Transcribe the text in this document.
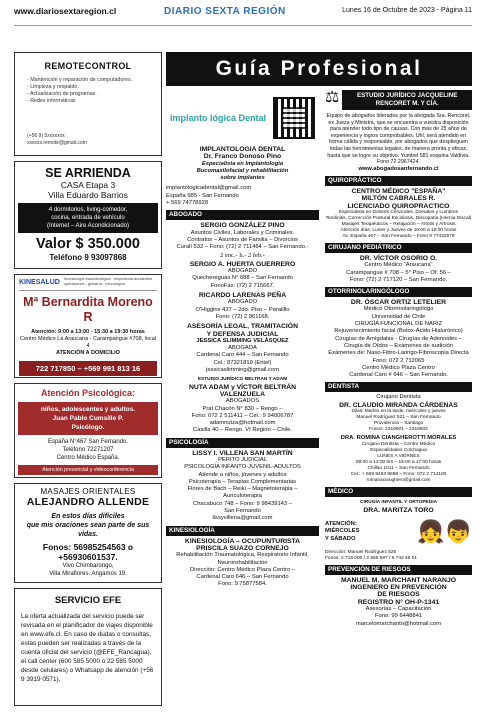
www.diariosextaregion.cl	DIARIO SEXTA REGIÓN	Lunes 16 de Octubre de 2023 - Página 11
REMOTECONTROL
- Mantención y reparación de computadores.
- Limpieza y respaldo.
- Actualización de programas.
- Redes informáticas
(+56 9) 5xxxxxxx
xxxxxx.remote@gmail.com
SE ARRIENDA
CASA Etapa 3
Villa Eduardo Barrios
4 dormitorios, living-comedor,
cocina, entrada de vehículo
(Internet – Aire Acondicionado)
Valor $ 350.000
Teléfono 9 93097868
KINESALUD Kinesiología traumatológica - respiratoria accidentes operaciones - geriatría - neurológica
Mª Bernardita Moreno R
Atención: 9:00 a 13:00 - 15:30 a 19:30 horas
Centro Médico La Araucana - Carampangue #708, local 4
ATENCIÓN A DOMICILIO
722 717850 – +569 991 813 16
Atención Psicológica:
niños, adolescentes y adultos.
Juan Pablo Cumsille P.
Psicólogo.
España N°467 San Fernando.
Teléfono 72271207
Centro Médico España.
Atención presencial y videoconferencia
MASAJES ORIENTALES
ALEJANDRO ALLENDE
En estos días difíciles
que mis oraciones sean parte de sus vidas.
Fonos: 56985254563 o +56930601537.
Vivo Chimbarongo,
Villa Miraflores. Angamos 19.
SERVICIO EFE

La oferta actualizada del servicio puede ser revisada en el planificador de viajes disponible en www.efe.cl. En caso de dudas o consultas, estas pueden ser realizadas a través de la cuenta oficial del servicio (@EFE_Rancagua), el call center (600 585 5000 o 22 585 5000 desde celulares) o Whatsapp de atención (+56 9 3919 0571).

Guía Profesional
implanto lógica Dental
IMPLANTOLOGIA DENTAL
Dr. Franco Donoso Pino
Especialista en Implantología
Bucomaxilofacial y rehabilitación
sobre implantes
implantologicadental@gmail.com
España 985 - San Fernando
+ 569 74778928
ABOGADO
SERGIO GONZÁLEZ PINO
Asuntos Civiles, Laborales y Criminales.
Contratos – Asuntos de Familia – Divorcios
Curalí 532 – Fono: (72) 2 711464 – San Fernando.-
2 enc.- h.- 2 feb.-
SERGIO A. HUERTA GUERRERO
ABOGADO
Quechereguas N° 688 – San Fernando
FonoFax: (72) 2 715667.
RICARDO LARENAS PEÑA
ABOGADO
O'Higgins 437 – 2do. Piso – Peralillo
Fono: (72) 2 861168.
ASESORÍA LEGAL, TRAMITACIÓN
Y DEFENSA JUDICIAL
JESSICA SLIMMING VELÁSQUEZ
ABOGADA
Cardenal Caro 444 – San Fernando
Cel.: 87321819 (Entel)
jessicaslimming@gmail.com
ESTUDIO JURÍDICO BELTRAN Y ADAM
NUTA ADAM y VÍCTOR BELTRÁN
VALENZUELA
ABOGADOS
Prat Chacón N° 830 – Rengo –
Fono: 072 2 511411 – Cel.: 9 94006787
adamnutza@hotmail.com
Casilla 40 – Rengo. VI Región – Chile.
PSICOLOGÍA
LISSY I. VILLENA SAN MARTÍN
PERITO JUDICIAL
PSICOLOGÍA INFANTO-JUVENIL-ADULTOS
Atiende a niños, jóvenes y adultos
Psicoterapia – Terapias Complementarias
Flores de Bach – Reiki – Magnetoterapia –
Auriculoterapia
Chacabuco 748 – Fono: 9 98439143 –
San Fernando
lissyvillena@gmail.com
KINESIOLOGÍA
KINESIOLOGÍA – OCUPUNTURISTA
PRISCILA SUAZO CORNEJO
Rehabilitación Traumatológica, Respiratorio Infantil,
Neurorehabilitación
Dirección: Centro Médico Plaza Centro –
Cardenal Caro 646 – San Fernando
Fono: 9.75877584.
⚖	ESTUDIO JURÍDICO JACQUELINE RENCORET M. Y CÍA.
Equipo de abogados liderados por la abogada Sra. Rencoret, ex Jueza y Ministra, que se encuentra a vuestra disposición para atender todo tipo de causas. Con más de 25 años de experiencia y logros comprobables. Uhl, será atendido en forma cálida y responsable, por abogados que desplieguen todas las herramientas legales, de manera pronta y eficaz, hasta que se logre su objetivo. Yumbel 581 esquina Valdivia. Fono 72 2967424.
www.abogadosanfernando.cl
QUIROPRÁCTICO
CENTRO MÉDICO "ESPAÑA"
MILTÓN CABRALES R.
LICENCIADO QUIROPRACTICO
Especialista en Dolores Cervicales, Dorsales y Lumbres
Tendinitis, Corrección Postural Escoliosis, Discopatía (Hernia Discal)
Masajes Terapéuticos – Relajación – Artritis y Artrosis
Atención días: Lunes y Jueves de 10:00 a 18:00 horas
Av. España 467 – San Fernando – Fono 9 77432979
CIRUJANO PEDIÁTRICO
DR. VÍCTOR OSORIO O.
Centro Médico "Araucaria"
Carampangue # 708 – 5° Piso – Of. 56 –
Fono: (72) 2 717120 – San Fernando.
OTORRINOLARINGÓLOGO
DR. ÓSCAR ORTIZ LETELIER
Médico Otorrinolaringólogo
Universidad de Chile
CIRUGÍA FUNCIONAL DE NARIZ
Rejuvenecimiento facial (Botox-Ácido Hialurónico)
Cirugías de Amígdalas - Cirugías de Adenoides –
Cirugía de Oídos – Exámenes de audición
Exámenes de: Naso-Fibro-Laringo-Fibroscopia Directa
Fono: 072 2 712065
Centro Médico Plaza Centro
Cardenal Caro # 646 – San Fernando.
DENTISTA
Cirujano Dentista
DR. CLAUDIO MIRANDA CÁRDENAS
Dilas: Martes en la tarde, miércoles y jueves
Manuel Rodríguez 521 – San Fernando
Providencia – Santiago
Fonos: 2319601 – 2319602
DRA. ROMINA CIANGHEROTTI MORALES
Cirujano Dentista – Centro Médico
Especialidades Colchagua
LUNES A VIERNES
09:00 a 13:00 hrs – 15:00 a 17:00 horas
Chillán 1011 – San Fernando
Cel.: + 569 9463 9888 – Fono: 072 2 714100
romanacianghero@gmail.com
MÉDICO
CIRUGÍA INFANTIL Y ORTOPEDIA
DRA. MARITZA TORO
ATENCIÓN:
MIÉRCOLES
Y SÁBADO	👧👦
Dirección: Manuel Rodríguez 525
Fonos: 2 715 000 / 2 585 597 / 9 742 46 01
PREVENCIÓN DE RIESGOS
MANUEL M. MARCHANT NARANJO
INGENIERO EN PREVENCIÓN
DE RIESGOS
REGISTRO N° OH-P-1341
Asesorías – Capacitación
Fono: 99 6448841
marcelomarchantn@hotmail.com
